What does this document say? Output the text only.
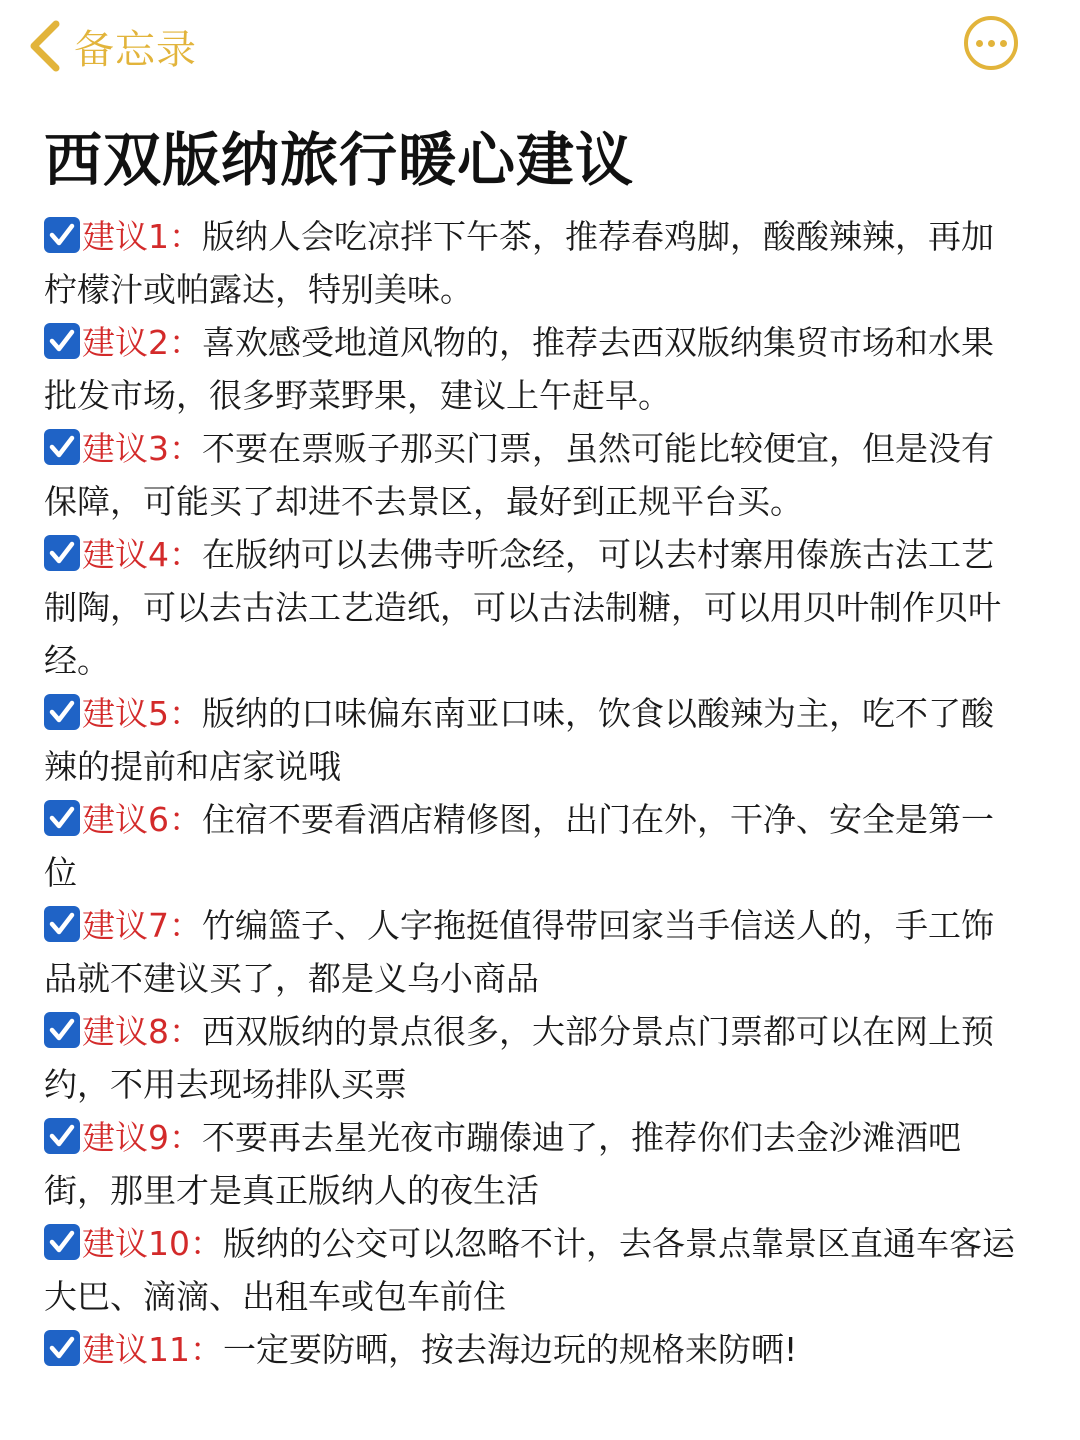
备忘录
西双版纳旅行暖心建议

建议1：版纳人会吃凉拌下午茶，推荐春鸡脚，酸酸辣辣，再加柠檬汁或帕露达，特别美味。

建议2：喜欢感受地道风物的，推荐去西双版纳集贸市场和水果批发市场，很多野菜野果，建议上午赶早。

建议3：不要在票贩子那买门票，虽然可能比较便宜，但是没有保障，可能买了却进不去景区，最好到正规平台买。

建议4：在版纳可以去佛寺听念经，可以去村寨用傣族古法工艺制陶，可以去古法工艺造纸，可以古法制糖，可以用贝叶制作贝叶经。

建议5：版纳的口味偏东南亚口味，饮食以酸辣为主，吃不了酸辣的提前和店家说哦

建议6：住宿不要看酒店精修图，出门在外，干净、安全是第一位

建议7：竹编篮子、人字拖挺值得带回家当手信送人的，手工饰品就不建议买了，都是义乌小商品

建议8：西双版纳的景点很多，大部分景点门票都可以在网上预约，不用去现场排队买票

建议9：不要再去星光夜市蹦傣迪了，推荐你们去金沙滩酒吧街，那里才是真正版纳人的夜生活

建议10：版纳的公交可以忽略不计，去各景点靠景区直通车客运大巴、滴滴、出租车或包车前住

建议11：一定要防晒，按去海边玩的规格来防晒!
